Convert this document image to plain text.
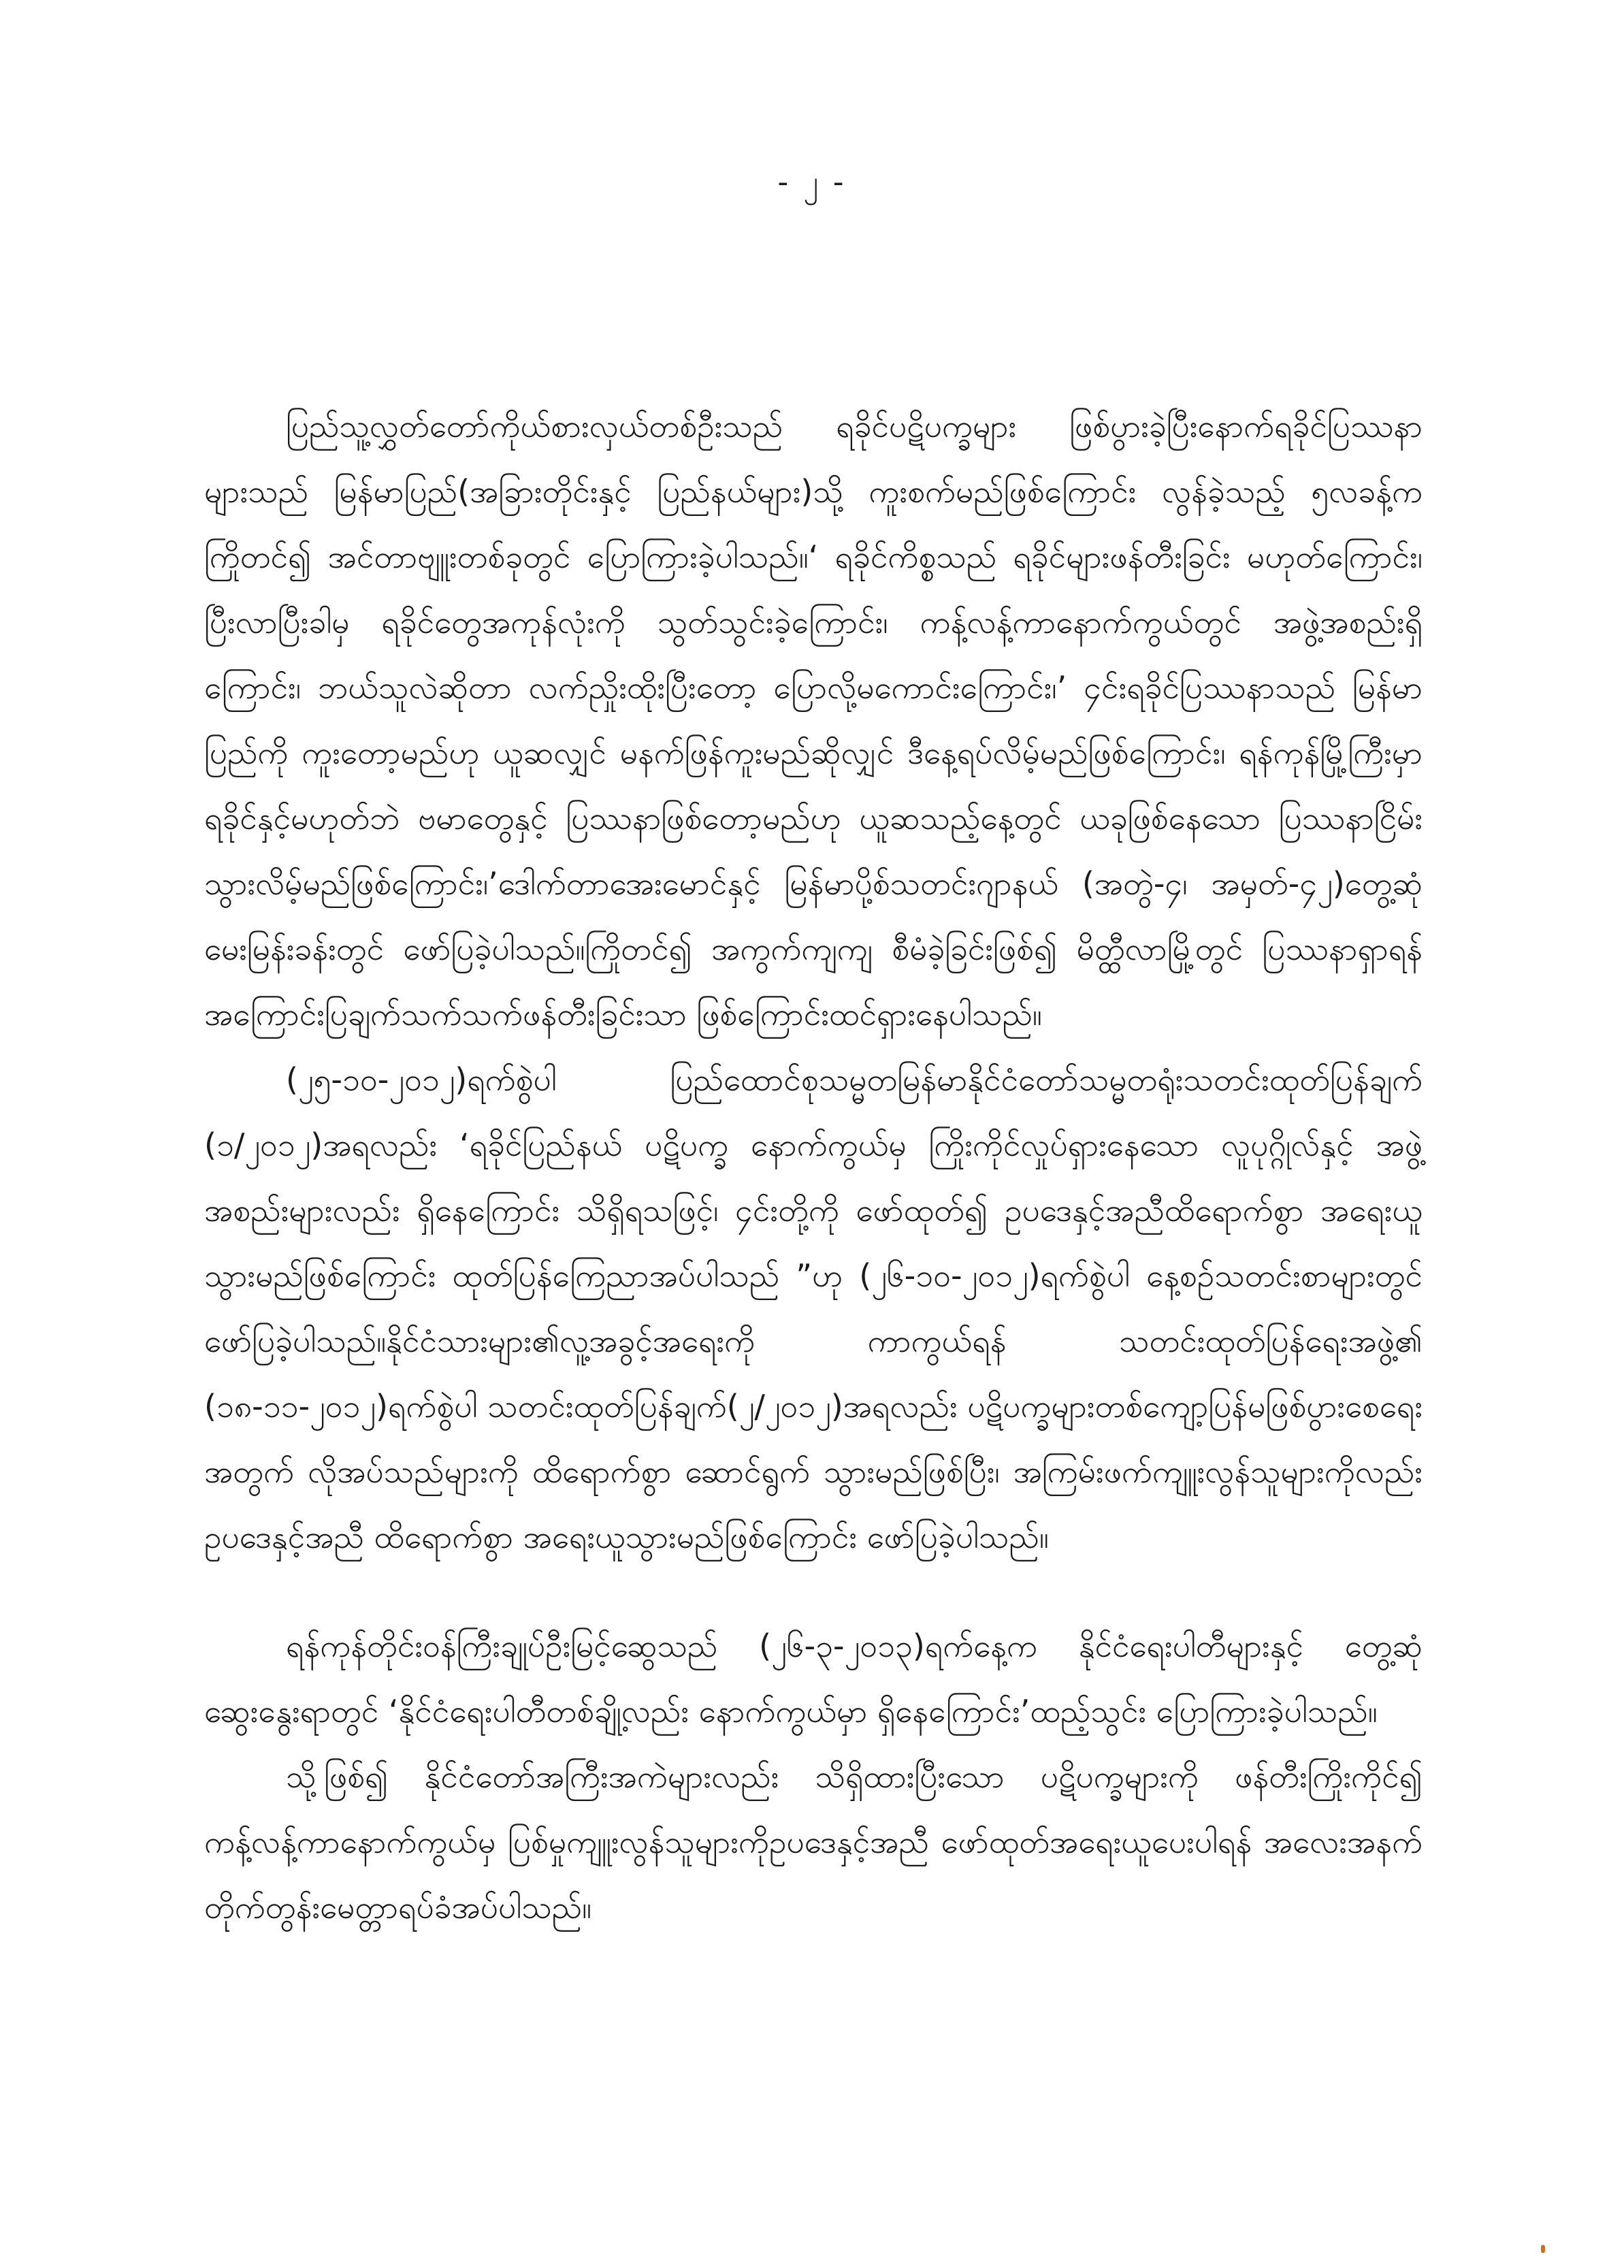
- ၂ -

ပြည်သူ့လွှတ်တော်ကိုယ်စားလှယ်တစ်ဦးသည် ရခိုင်ပဋိပက္ခများ ဖြစ်ပွားခဲ့ပြီးနောက်ရခိုင်ပြဿနာများသည် မြန်မာပြည်(အခြားတိုင်းနှင့် ပြည်နယ်များ)သို့ ကူးစက်မည်ဖြစ်ကြောင်း လွန်ခဲ့သည့် ၅လခန့်က ကြိုတင်၍ အင်တာဗျူးတစ်ခုတွင် ပြောကြားခဲ့ပါသည်။‘ ရခိုင်ကိစ္စသည် ရခိုင်များဖန်တီးခြင်း မဟုတ်ကြောင်း၊ ပြီးလာပြီးခါမှ ရခိုင်တွေအကုန်လုံးကို သွတ်သွင်းခဲ့ကြောင်း၊ ကန့်လန့်ကာနောက်ကွယ်တွင် အဖွဲ့အစည်းရှိကြောင်း၊ ဘယ်သူလဲဆိုတာ လက်ညှိုးထိုးပြီးတော့ ပြောလို့မကောင်းကြောင်း၊’ ၄င်းရခိုင်ပြဿနာသည် မြန်မာပြည်ကို ကူးတော့မည်ဟု ယူဆလျှင် မနက်ဖြန်ကူးမည်ဆိုလျှင် ဒီနေ့ရပ်လိမ့်မည်ဖြစ်ကြောင်း၊ ရန်ကုန်မြို့ကြီးမှာ ရခိုင်နှင့်မဟုတ်ဘဲ ဗမာတွေနှင့် ပြဿနာဖြစ်တော့မည်ဟု ယူဆသည့်နေ့တွင် ယခုဖြစ်နေသော ပြဿနာငြိမ်းသွားလိမ့်မည်ဖြစ်ကြောင်း၊’ဒေါက်တာအေးမောင်နှင့် မြန်မာပို့စ်သတင်းဂျာနယ် (အတွဲ-၄၊ အမှတ်-၄၂)တွေ့ဆုံမေးမြန်းခန်းတွင် ဖော်ပြခဲ့ပါသည်။ကြိုတင်၍ အကွက်ကျကျ စီမံခဲ့ခြင်းဖြစ်၍ မိတ္ထီလာမြို့တွင် ပြဿနာရှာရန် အကြောင်းပြချက်သက်သက်ဖန်တီးခြင်းသာ ဖြစ်ကြောင်းထင်ရှားနေပါသည်။

(၂၅-၁၀-၂၀၁၂)ရက်စွဲပါ ပြည်ထောင်စုသမ္မတမြန်မာနိုင်ငံတော်သမ္မတရုံးသတင်းထုတ်ပြန်ချက် (၁/၂၀၁၂)အရလည်း ‘ရခိုင်ပြည်နယ် ပဋိပက္ခ နောက်ကွယ်မှ ကြိုးကိုင်လှုပ်ရှားနေသော လူပုဂ္ဂိုလ်နှင့် အဖွဲ့အစည်းများလည်း ရှိနေကြောင်း သိရှိရသဖြင့်၊ ၄င်းတို့ကို ဖော်ထုတ်၍ ဥပဒေနှင့်အညီထိရောက်စွာ အရေးယူသွားမည်ဖြစ်ကြောင်း ထုတ်ပြန်ကြေညာအပ်ပါသည် ”ဟု (၂၆-၁၀-၂၀၁၂)ရက်စွဲပါ နေ့စဉ်သတင်းစာများတွင် ဖော်ပြခဲ့ပါသည်။နိုင်ငံသားများ၏လူ့အခွင့်အရေးကို ကာကွယ်ရန် သတင်းထုတ်ပြန်ရေးအဖွဲ့၏ (၁၈-၁၁-၂၀၁၂)ရက်စွဲပါ သတင်းထုတ်ပြန်ချက်(၂/၂၀၁၂)အရလည်း ပဋိပက္ခများတစ်ကျော့ပြန်မဖြစ်ပွားစေရေးအတွက် လိုအပ်သည်များကို ထိရောက်စွာ ဆောင်ရွက် သွားမည်ဖြစ်ပြီး၊ အကြမ်းဖက်ကျူးလွန်သူများကိုလည်း ဥပဒေနှင့်အညီ ထိရောက်စွာ အရေးယူသွားမည်ဖြစ်ကြောင်း ဖော်ပြခဲ့ပါသည်။

ရန်ကုန်တိုင်းဝန်ကြီးချုပ်ဦးမြင့်ဆွေသည် (၂၆-၃-၂၀၁၃)ရက်နေ့က နိုင်ငံရေးပါတီများနှင့် တွေ့ဆုံဆွေးနွေးရာတွင် ‘နိုင်ငံရေးပါတီတစ်ချို့လည်း နောက်ကွယ်မှာ ရှိနေကြောင်း’ထည့်သွင်း ပြောကြားခဲ့ပါသည်။

သို့ဖြစ်၍ နိုင်ငံတော်အကြီးအကဲများလည်း သိရှိထားပြီးသော ပဋိပက္ခများကို ဖန်တီးကြိုးကိုင်၍ ကန့်လန့်ကာနောက်ကွယ်မှ ပြစ်မှုကျူးလွန်သူများကိုဥပဒေနှင့်အညီ ဖော်ထုတ်အရေးယူပေးပါရန် အလေးအနက် တိုက်တွန်းမေတ္တာရပ်ခံအပ်ပါသည်။
